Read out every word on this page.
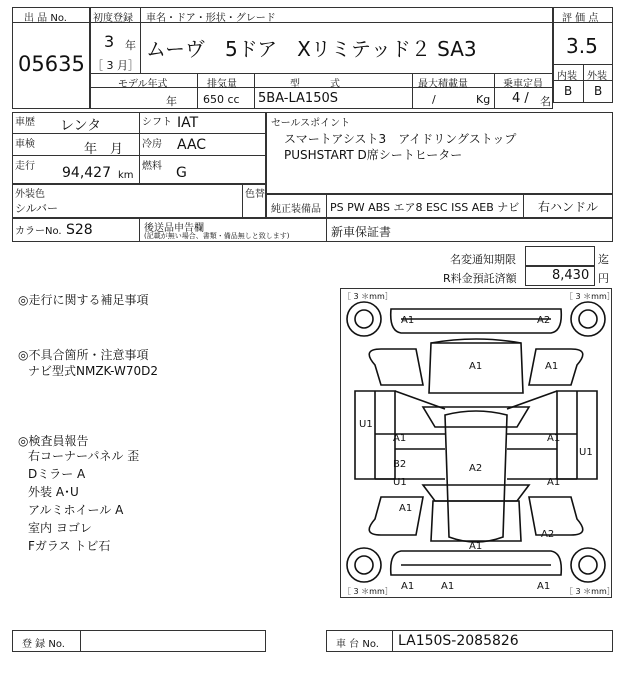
出 品 No.
05635
初度登録 車名・ドア・形状・グレード
3 年
［ 3 月］
ムーヴ　5ドア　Xリミテッド２ SA3
モデル年式
年
排気量
650 cc
型　　　式
5BA-LA150S
最大積載量
/	Kg
乗車定員
4 / 名
評 価 点
3.5
内装 外装
B B
車歴 レンタ	シフト IAT
車検	年　月 冷房 AAC
走行 94,427 km
燃料 G
セールスポイント
スマートアシスト3　アイドリングストップ
PUSHSTART D席シートヒーター
外装色
シルバー
色替
純正装備品 PS PW ABS エア8 ESC ISS AEB ナビ 右ハンドル
カラーNo. S28	後送品申告欄
(記載が無い場合、書類・備品無しと致します)	新車保証書
名変通知期限	迄
R料金預託済額	8,430 円
◎走行に関する補足事項
◎不具合箇所・注意事項
ナビ型式NMZK-W70D2
◎検査員報告
右コーナーパネル 歪
Dミラー A
外装 A･U
アルミホイール A
室内 ヨゴレ
Fガラス トビ石
［ 3 ＊mm］	［ 3 ＊mm］
［ 3 ＊mm］	［ 3 ＊mm］
A1	A2
A1	A1
U1
A1
B2
U1
A2
A1
U1
A1
A1
A2
A1
A1	A1	A1
登 録 No.	車 台 No. LA150S-2085826
